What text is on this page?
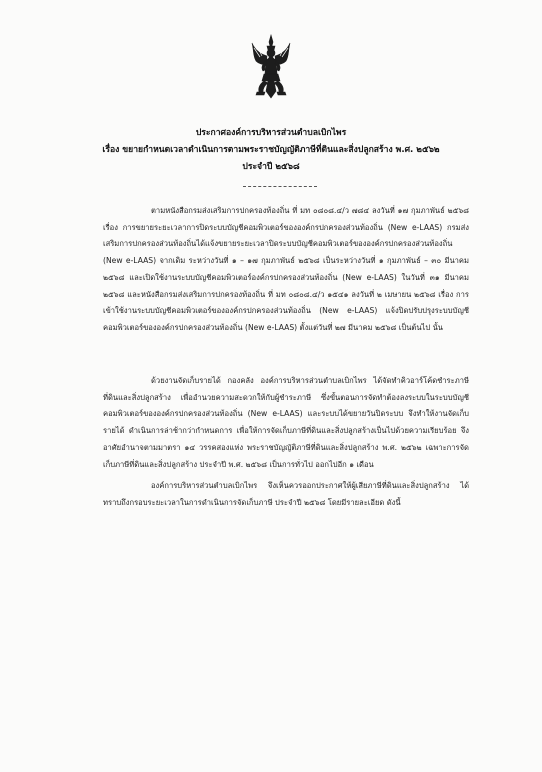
ประกาศองค์การบริหารส่วนตำบลเบิกไพร
เรื่อง ขยายกำหนดเวลาดำเนินการตามพระราชบัญญัติภาษีที่ดินและสิ่งปลูกสร้าง พ.ศ. ๒๕๖๒
ประจำปี ๒๕๖๘
ตามหนังสือกรมส่งเสริมการปกครองท้องถิ่น ที่ มท ๐๘๐๘.๔/ว ๗๘๔ ลงวันที่ ๑๗ กุมภาพันธ์ ๒๕๖๘ เรื่อง การขยายระยะเวลาการปิดระบบบัญชีคอมพิวเตอร์ขององค์กรปกครองส่วนท้องถิ่น (New e-LAAS) กรมส่งเสริมการปกครองส่วนท้องถิ่นได้แจ้งขยายระยะเวลาปิดระบบบัญชีคอมพิวเตอร์ขององค์กรปกครองส่วนท้องถิ่น (New e-LAAS) จากเดิม ระหว่างวันที่ ๑ – ๑๗ กุมภาพันธ์ ๒๕๖๘ เป็นระหว่างวันที่ ๑ กุมภาพันธ์ – ๓๐ มีนาคม ๒๕๖๘ และเปิดใช้งานระบบบัญชีคอมพิวเตอร์องค์กรปกครองส่วนท้องถิ่น (New e-LAAS) ในวันที่ ๓๑ มีนาคม ๒๕๖๘ และหนังสือกรมส่งเสริมการปกครองท้องถิ่น ที่ มท ๐๘๐๘.๔/ว ๑๕๔๑ ลงวันที่ ๒ เมษายน ๒๕๖๘ เรื่อง การเข้าใช้งานระบบบัญชีคอมพิวเตอร์ขององค์กรปกครองส่วนท้องถิ่น (New e-LAAS) แจ้งปิดปรับปรุงระบบบัญชีคอมพิวเตอร์ขององค์กรปกครองส่วนท้องถิ่น (New e-LAAS) ตั้งแต่วันที่ ๒๗ มีนาคม ๒๕๖๘ เป็นต้นไป นั้น
ด้วยงานจัดเก็บรายได้ กองคลัง องค์การบริหารส่วนตำบลเบิกไพร ได้จัดทำคิวอาร์โค้ดชำระภาษีที่ดินและสิ่งปลูกสร้าง เพื่ออำนวยความสะดวกให้กับผู้ชำระภาษี ซึ่งขั้นตอนการจัดทำต้องลงระบบในระบบบัญชีคอมพิวเตอร์ขององค์กรปกครองส่วนท้องถิ่น (New e-LAAS) และระบบได้ขยายวันปิดระบบ จึงทำให้งานจัดเก็บรายได้ ดำเนินการล่าช้ากว่ากำหนดการ เพื่อให้การจัดเก็บภาษีที่ดินและสิ่งปลูกสร้างเป็นไปด้วยความเรียบร้อย จึงอาศัยอำนาจตามมาตรา ๑๔ วรรคสองแห่ง พระราชบัญญัติภาษีที่ดินและสิ่งปลูกสร้าง พ.ศ. ๒๕๖๒ เฉพาะการจัดเก็บภาษีที่ดินและสิ่งปลูกสร้าง ประจำปี พ.ศ. ๒๕๖๘ เป็นการทั่วไป ออกไปอีก ๑ เดือน
องค์การบริหารส่วนตำบลเบิกไพร จึงเห็นควรออกประกาศให้ผู้เสียภาษีที่ดินและสิ่งปลูกสร้าง ได้ทราบถึงกรอบระยะเวลาในการดำเนินการจัดเก็บภาษี ประจำปี ๒๕๖๘ โดยมีรายละเอียด ดังนี้
